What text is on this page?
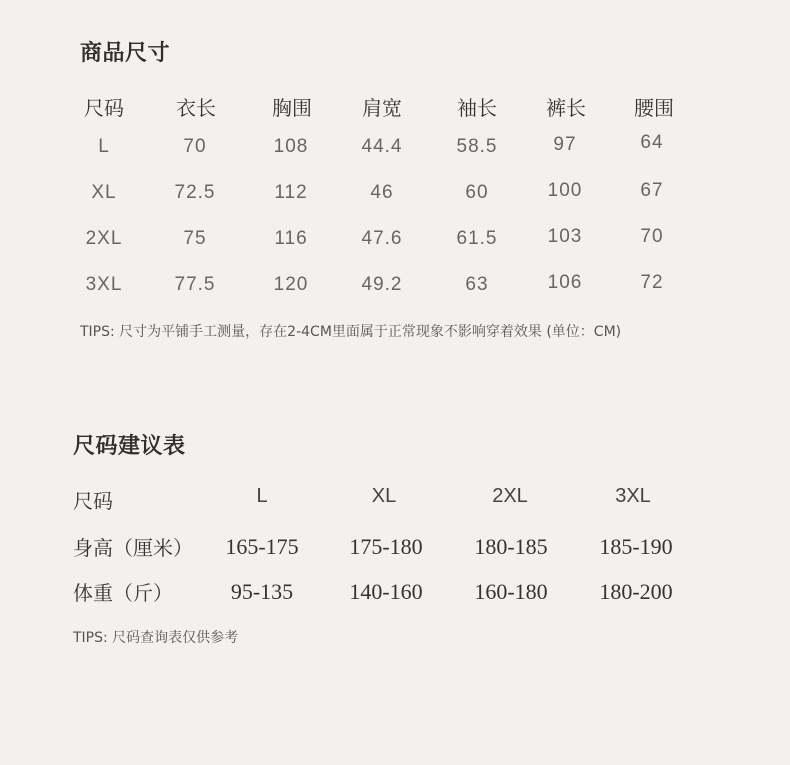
商品尺寸
尺码	衣长	胸围	肩宽	袖长 裤长 腰围
L	70	108	44.4	58.5	97	64
XL	72.5	112	46	60	100	67
2XL	75	116	47.6	61.5	103	70
3XL	77.5	120	49.2	63	106	72
TIPS: 尺寸为平铺手工测量，存在2-4CM里面属于正常现象不影响穿着效果 (单位：CM)
尺码建议表
尺码	L	XL	2XL	3XL
身高（厘米） 165-175 175-180 180-185 185-190
体重（斤）	95-135	140-160 160-180 180-200
TIPS: 尺码查询表仅供参考
